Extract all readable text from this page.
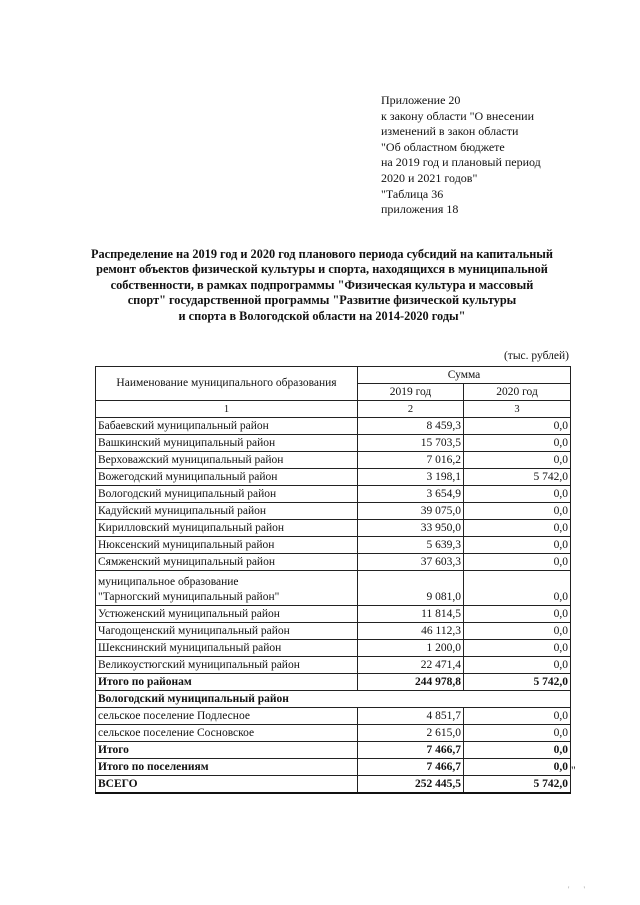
Приложение 20
к закону области "О внесении
изменений в закон области
"Об областном бюджете
на 2019 год и плановый период
2020 и 2021 годов"
"Таблица 36
приложения 18
Распределение на 2019 год и 2020 год планового периода субсидий на капитальный
ремонт объектов физической культуры и спорта, находящихся в муниципальной
собственности, в рамках подпрограммы "Физическая культура и массовый
спорт" государственной программы "Развитие физической культуры
и спорта в Вологодской области на 2014-2020 годы"
(тыс. рублей)
Наименование муниципального образования	Сумма	
	2019 год	2020 год
1	2	3
Бабаевский муниципальный район	8 459,3	0,0
Вашкинский муниципальный район	15 703,5	0,0
Верховажский муниципальный район	7 016,2	0,0
Вожегодский муниципальный район	3 198,1	5 742,0
Вологодский муниципальный район	3 654,9	0,0
Кадуйский муниципальный район	39 075,0	0,0
Кирилловский муниципальный район	33 950,0	0,0
Нюксенский муниципальный район	5 639,3	0,0
Сямженский муниципальный район	37 603,3	0,0

муниципальное образование
"Тарногский муниципальный район"	9 081,0	0,0
Устюженский муниципальный район	11 814,5	0,0
Чагодощенский муниципальный район	46 112,3	0,0
Шекснинский муниципальный район	1 200,0	0,0
Великоустюгский муниципальный район	22 471,4	0,0
Итого по районам	244 978,8	5 742,0
Вологодский муниципальный район		
сельское поселение Подлесное	4 851,7	0,0
сельское поселение Сосновское	2 615,0	0,0
Итого	7 466,7	0,0
Итого по поселениям	7 466,7	0,0
ВСЕГО	252 445,5	5 742,0
"
' '
